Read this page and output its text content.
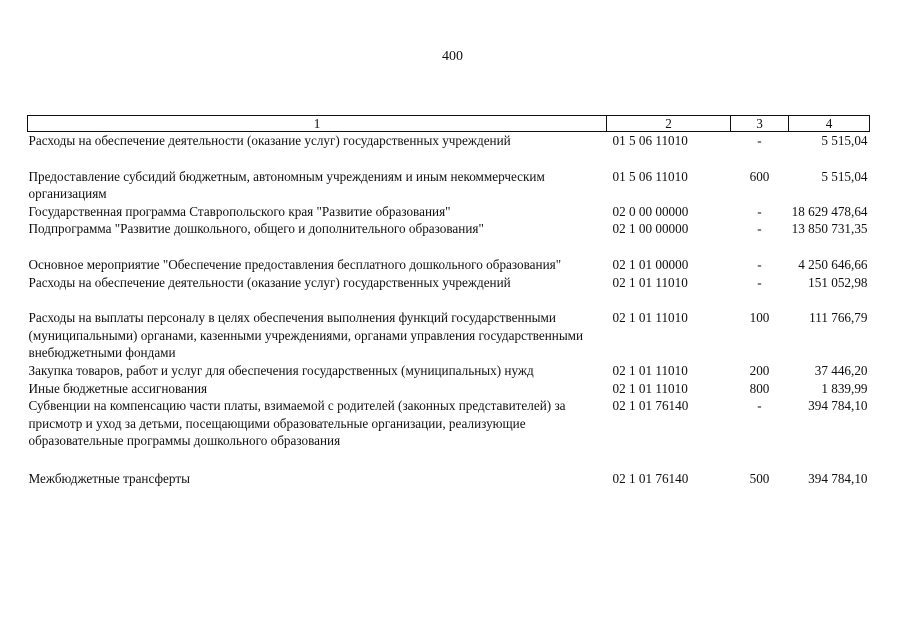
400
1	2	3	4
Расходы на обеспечение деятельности (оказание услуг) государственных учреждений	01 5 06 11010	-	5 515,04
Предоставление субсидий бюджетным, автономным учреждениям и иным некоммерческим организациям	01 5 06 11010	600	5 515,04
Государственная программа Ставропольского края "Развитие образования"	02 0 00 00000	-	18 629 478,64
Подпрограмма "Развитие дошкольного, общего и дополнительного образования"	02 1 00 00000	-	13 850 731,35
Основное мероприятие "Обеспечение предоставления бесплатного дошкольного образования"	02 1 01 00000	-	4 250 646,66
Расходы на обеспечение деятельности (оказание услуг) государственных учреждений	02 1 01 11010	-	151 052,98
Расходы на выплаты персоналу в целях обеспечения выполнения функций государственными (муниципальными) органами, казенными учреждениями, органами управления государственными внебюджетными фондами	02 1 01 11010	100	111 766,79
Закупка товаров, работ и услуг для обеспечения государственных (муниципальных) нужд	02 1 01 11010	200	37 446,20
Иные бюджетные ассигнования	02 1 01 11010	800	1 839,99
Субвенции на компенсацию части платы, взимаемой с родителей (законных представителей) за присмотр и уход за детьми, посещающими образовательные организации, реализующие образовательные программы дошкольного образования	02 1 01 76140	-	394 784,10
Межбюджетные трансферты	02 1 01 76140	500	394 784,10
